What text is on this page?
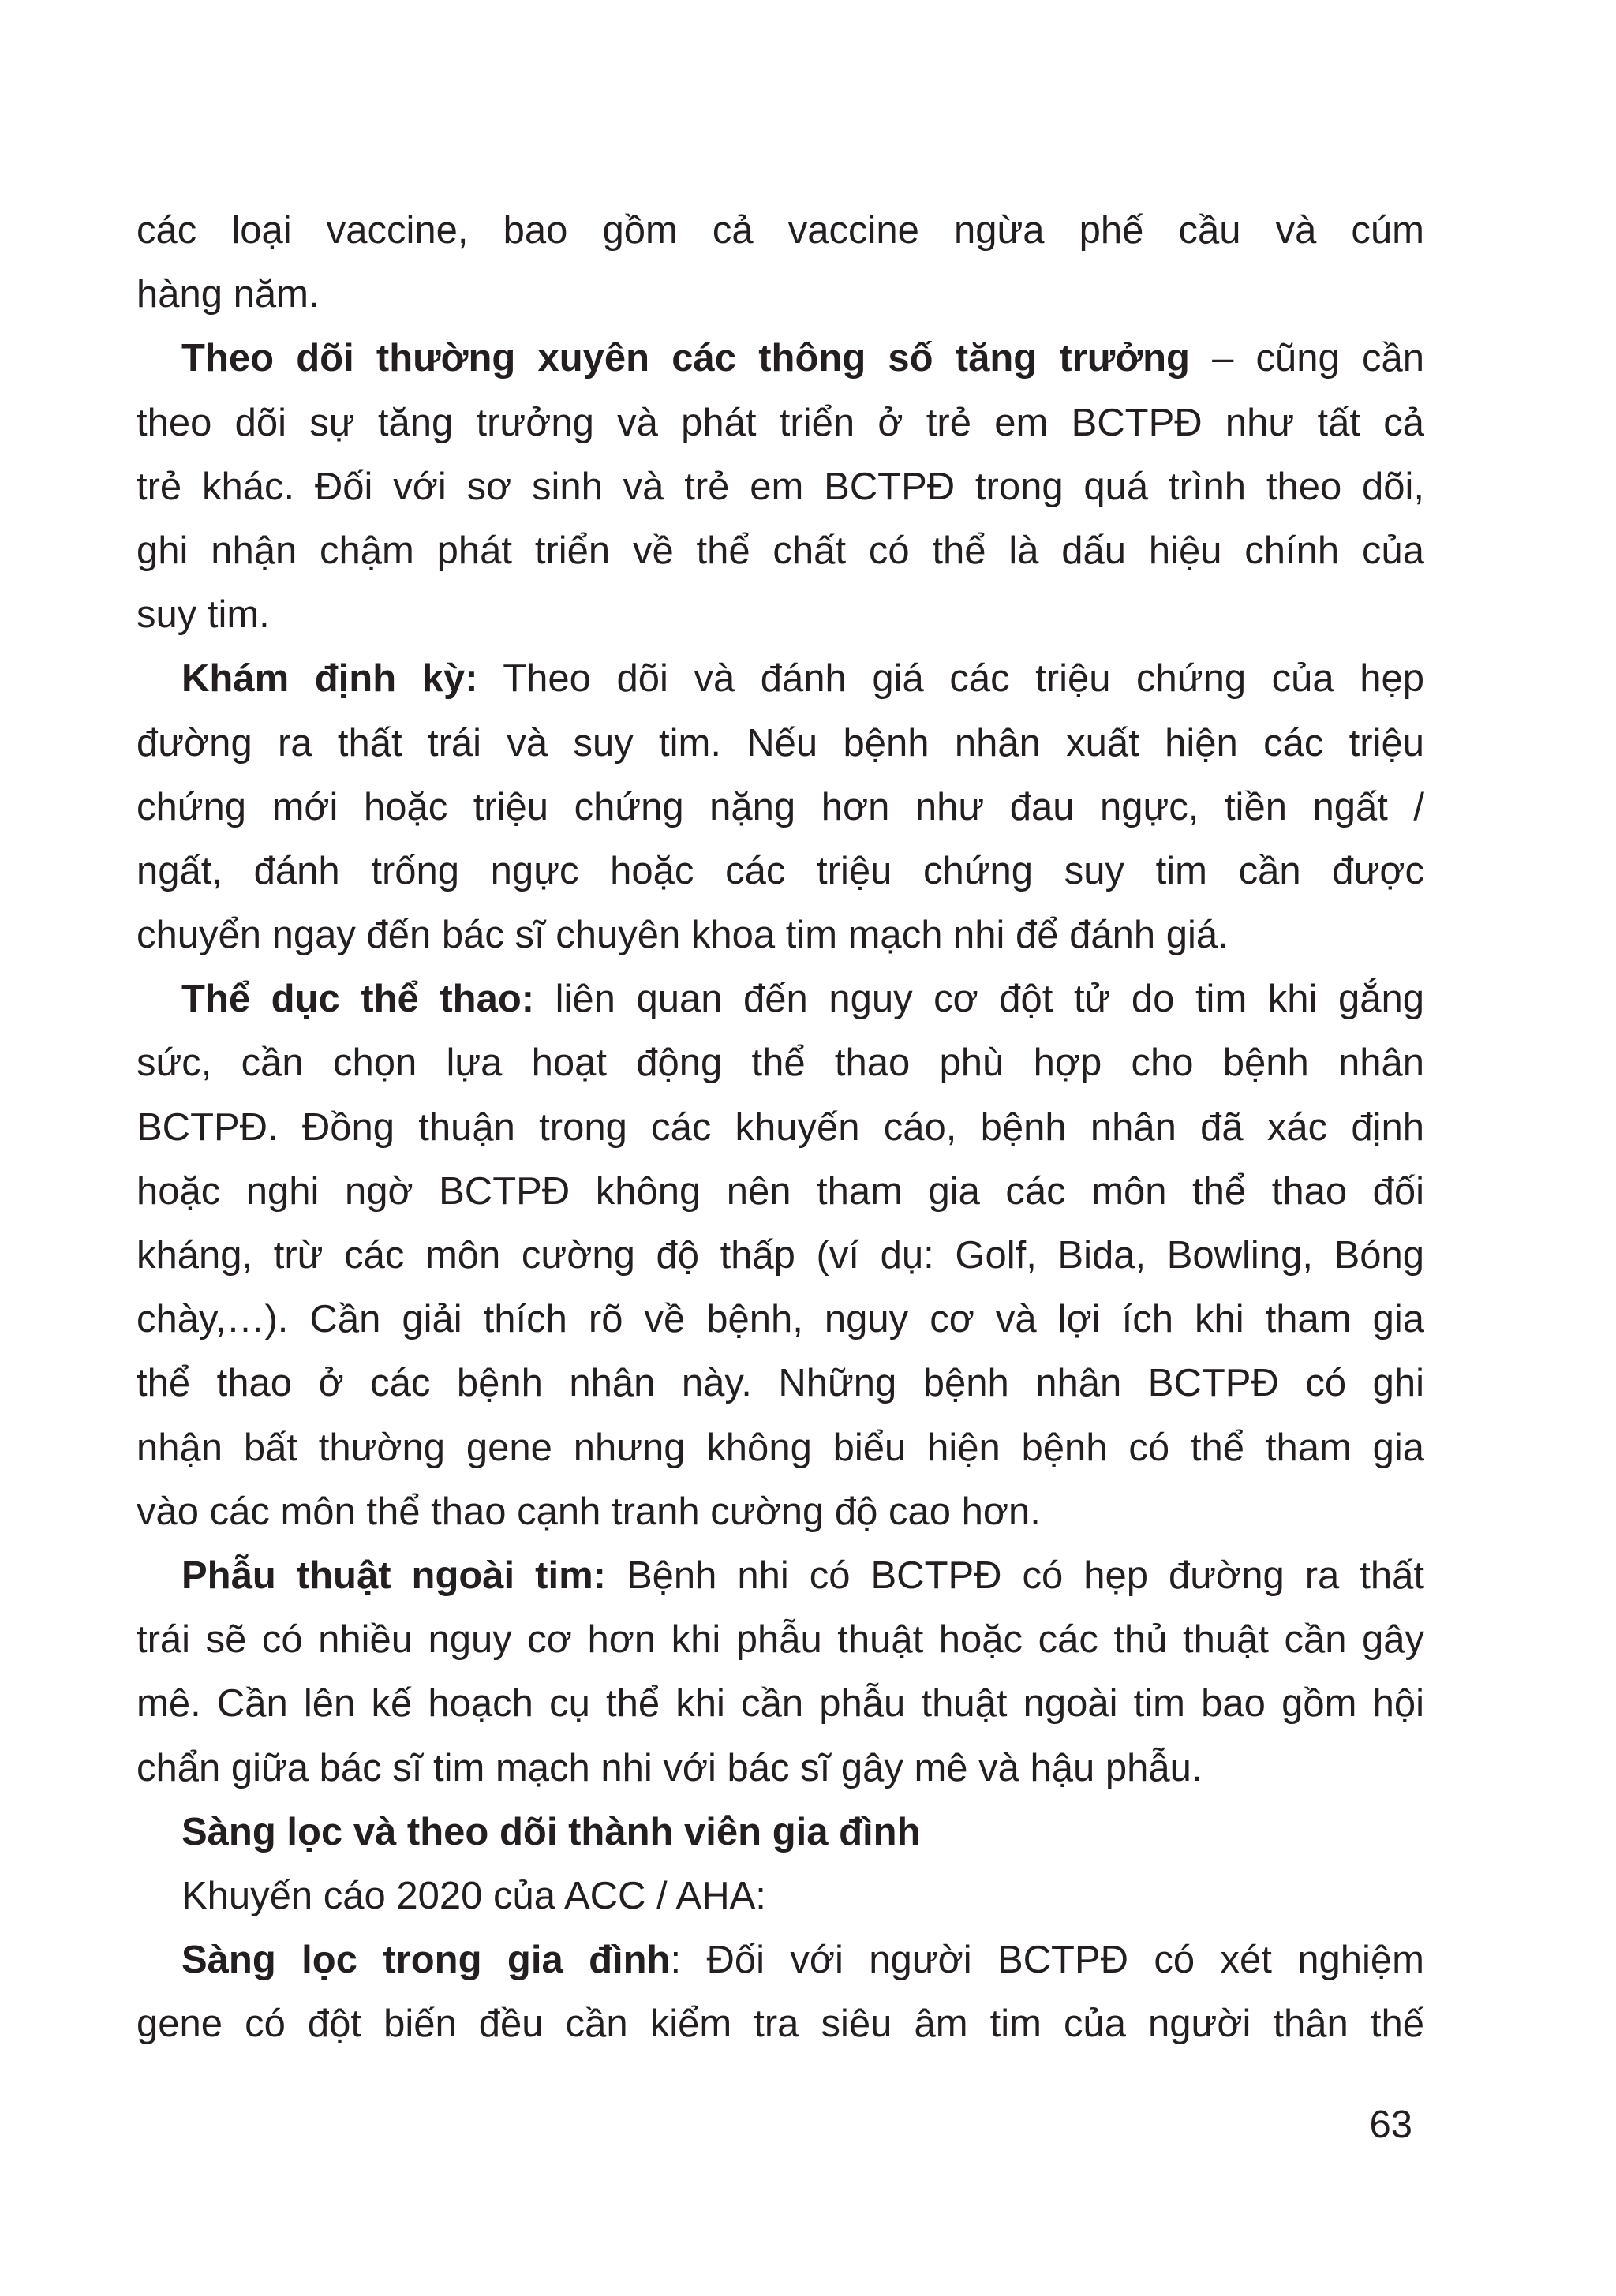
các loại vaccine, bao gồm cả vaccine ngừa phế cầu và cúm
hàng năm.
Theo dõi thường xuyên các thông số tăng trưởng – cũng cần
theo dõi sự tăng trưởng và phát triển ở trẻ em BCTPĐ như tất cả
trẻ khác. Đối với sơ sinh và trẻ em BCTPĐ trong quá trình theo dõi,
ghi nhận chậm phát triển về thể chất có thể là dấu hiệu chính của
suy tim.
Khám định kỳ: Theo dõi và đánh giá các triệu chứng của hẹp
đường ra thất trái và suy tim. Nếu bệnh nhân xuất hiện các triệu
chứng mới hoặc triệu chứng nặng hơn như đau ngực, tiền ngất /
ngất, đánh trống ngực hoặc các triệu chứng suy tim cần được
chuyển ngay đến bác sĩ chuyên khoa tim mạch nhi để đánh giá.
Thể dục thể thao: liên quan đến nguy cơ đột tử do tim khi gắng
sức, cần chọn lựa hoạt động thể thao phù hợp cho bệnh nhân
BCTPĐ. Đồng thuận trong các khuyến cáo, bệnh nhân đã xác định
hoặc nghi ngờ BCTPĐ không nên tham gia các môn thể thao đối
kháng, trừ các môn cường độ thấp (ví dụ: Golf, Bida, Bowling, Bóng
chày,…). Cần giải thích rõ về bệnh, nguy cơ và lợi ích khi tham gia
thể thao ở các bệnh nhân này. Những bệnh nhân BCTPĐ có ghi
nhận bất thường gene nhưng không biểu hiện bệnh có thể tham gia
vào các môn thể thao cạnh tranh cường độ cao hơn.
Phẫu thuật ngoài tim: Bệnh nhi có BCTPĐ có hẹp đường ra thất
trái sẽ có nhiều nguy cơ hơn khi phẫu thuật hoặc các thủ thuật cần gây
mê. Cần lên kế hoạch cụ thể khi cần phẫu thuật ngoài tim bao gồm hội
chẩn giữa bác sĩ tim mạch nhi với bác sĩ gây mê và hậu phẫu.
Sàng lọc và theo dõi thành viên gia đình
Khuyến cáo 2020 của ACC / AHA:
Sàng lọc trong gia đình: Đối với người BCTPĐ có xét nghiệm
gene có đột biến đều cần kiểm tra siêu âm tim của người thân thế
63
